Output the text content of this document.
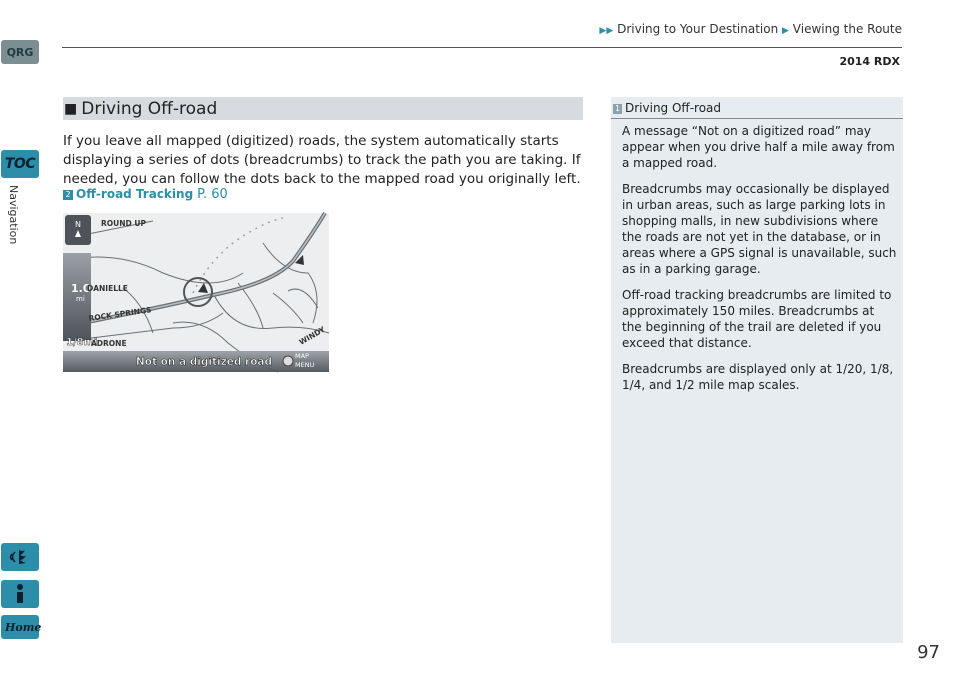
QRG
TOC
Navigation
Home
▶▶ Driving to Your Destination ▶ Viewing the Route
2014 RDX
■ Driving Off-road

If you leave all mapped (digitized) roads, the system automatically starts displaying a series of dots (breadcrumbs) to track the path you are taking. If needed, you can follow the dots back to the mapped road you originally left.

2 Off-road Tracking P. 60
N
1.0
mi
1/8mi
ROUND UP
DANIELLE
ROCK SPRINGS
ADRONE	WINDY
Not on a digitized road	MAP
MENU
1 Driving Off-road

A message “Not on a digitized road” may appear when you drive half a mile away from a mapped road.

Breadcrumbs may occasionally be displayed in urban areas, such as large parking lots in shopping malls, in new subdivisions where the roads are not yet in the database, or in areas where a GPS signal is unavailable, such as in a parking garage.

Off-road tracking breadcrumbs are limited to approximately 150 miles. Breadcrumbs at the beginning of the trail are deleted if you exceed that distance.

Breadcrumbs are displayed only at 1/20, 1/8, 1/4, and 1/2 mile map scales.

97
